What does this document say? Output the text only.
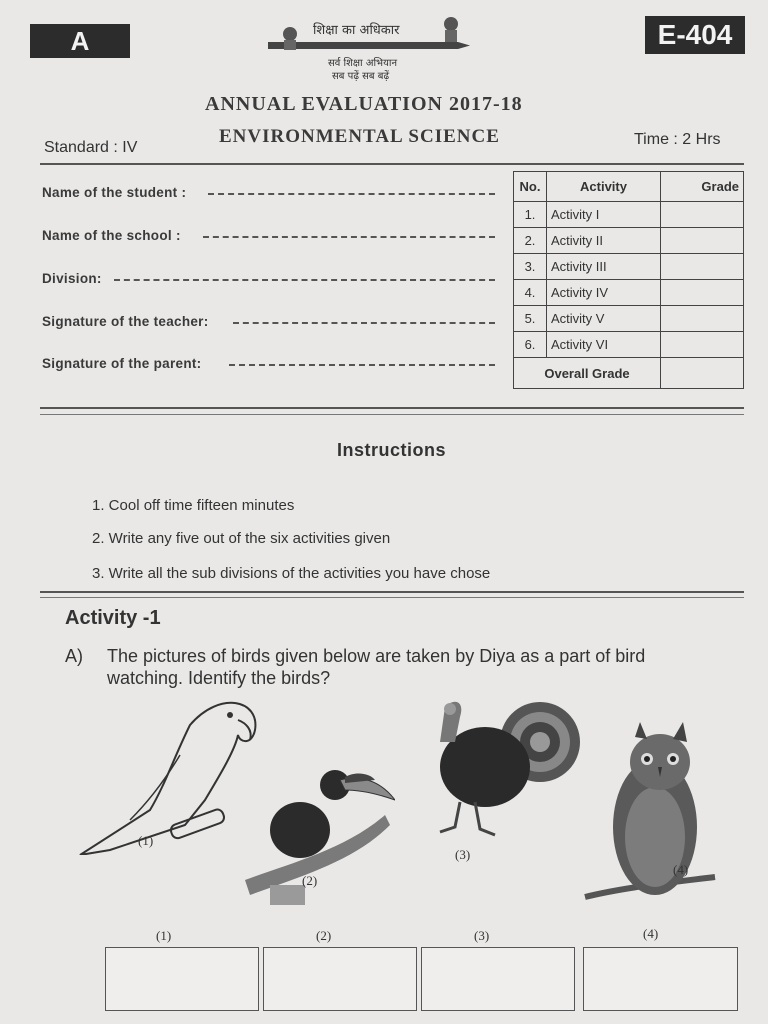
A	E-404
शिक्षा का अधिकार
सर्व शिक्षा अभियान
सब पढ़ें सब बढ़ें
ANNUAL EVALUATION 2017-18
ENVIRONMENTAL SCIENCE
Standard : IV	Time : 2 Hrs
Name of the student :
Name of the school :
Division:
Signature of the teacher:
Signature of the parent:
No.	Activity	Grade
1.	Activity I	
2.	Activity II	
3.	Activity III	
4.	Activity IV	
5.	Activity V	
6.	Activity VI	
Overall Grade		
Instructions
1. Cool off time fifteen minutes
2. Write any five out of the six activities given
3. Write all the sub divisions of the activities you have chose
Activity -1
A) The pictures of birds given below are taken by Diya as a part of bird
watching. Identify the birds?
(1)
(2)
(3)
(4)
(1)	(2)	(3)	(4)
